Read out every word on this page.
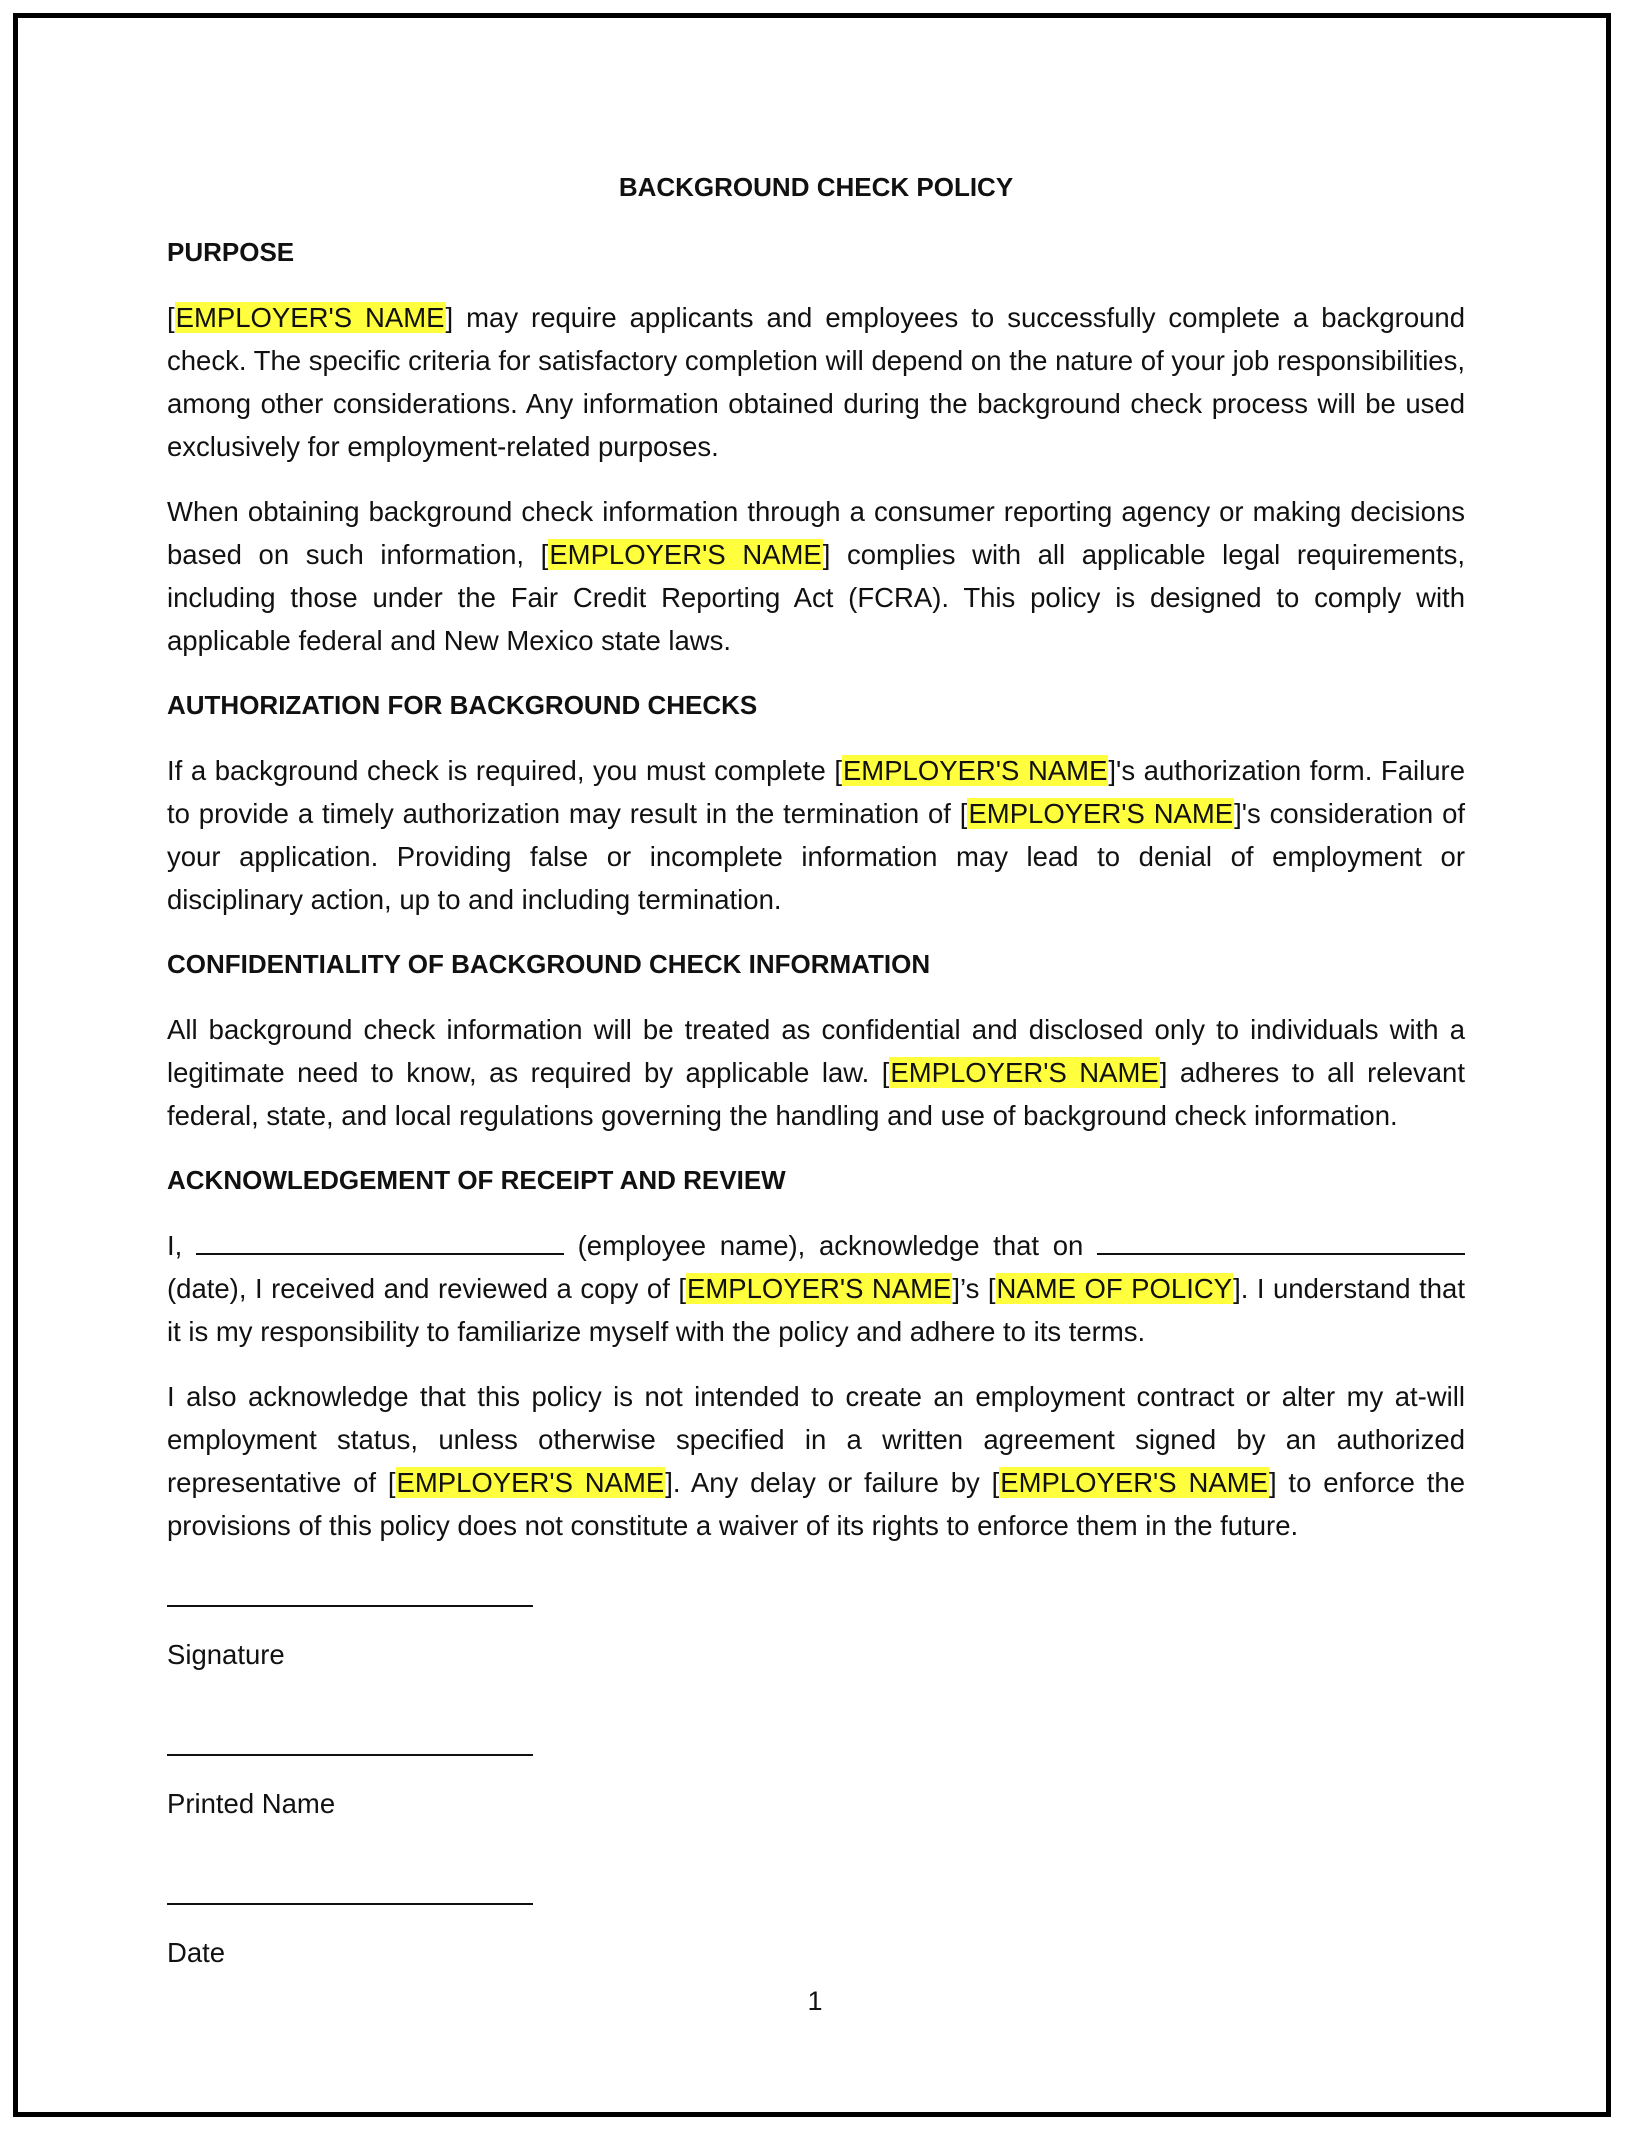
BACKGROUND CHECK POLICY
PURPOSE

[EMPLOYER'S NAME] may require applicants and employees to successfully complete a background check. The specific criteria for satisfactory completion will depend on the nature of your job responsibilities, among other considerations. Any information obtained during the background check process will be used exclusively for employment-related purposes.

When obtaining background check information through a consumer reporting agency or making decisions based on such information, [EMPLOYER'S NAME] complies with all applicable legal requirements, including those under the Fair Credit Reporting Act (FCRA). This policy is designed to comply with applicable federal and New Mexico state laws.

AUTHORIZATION FOR BACKGROUND CHECKS

If a background check is required, you must complete [EMPLOYER'S NAME]'s authorization form. Failure to provide a timely authorization may result in the termination of [EMPLOYER'S NAME]'s consideration of your application. Providing false or incomplete information may lead to denial of employment or disciplinary action, up to and including termination.

CONFIDENTIALITY OF BACKGROUND CHECK INFORMATION

All background check information will be treated as confidential and disclosed only to individuals with a legitimate need to know, as required by applicable law. [EMPLOYER'S NAME] adheres to all relevant federal, state, and local regulations governing the handling and use of background check information.

ACKNOWLEDGEMENT OF RECEIPT AND REVIEW

I,	(employee name), acknowledge that on  (date), I received and reviewed a copy of [EMPLOYER'S NAME]’s [NAME OF POLICY]. I understand that it is my responsibility to familiarize myself with the policy and adhere to its terms.

I also acknowledge that this policy is not intended to create an employment contract or alter my at-will employment status, unless otherwise specified in a written agreement signed by an authorized representative of [EMPLOYER'S NAME]. Any delay or failure by [EMPLOYER'S NAME] to enforce the provisions of this policy does not constitute a waiver of its rights to enforce them in the future.

Signature
Printed Name
Date
1
